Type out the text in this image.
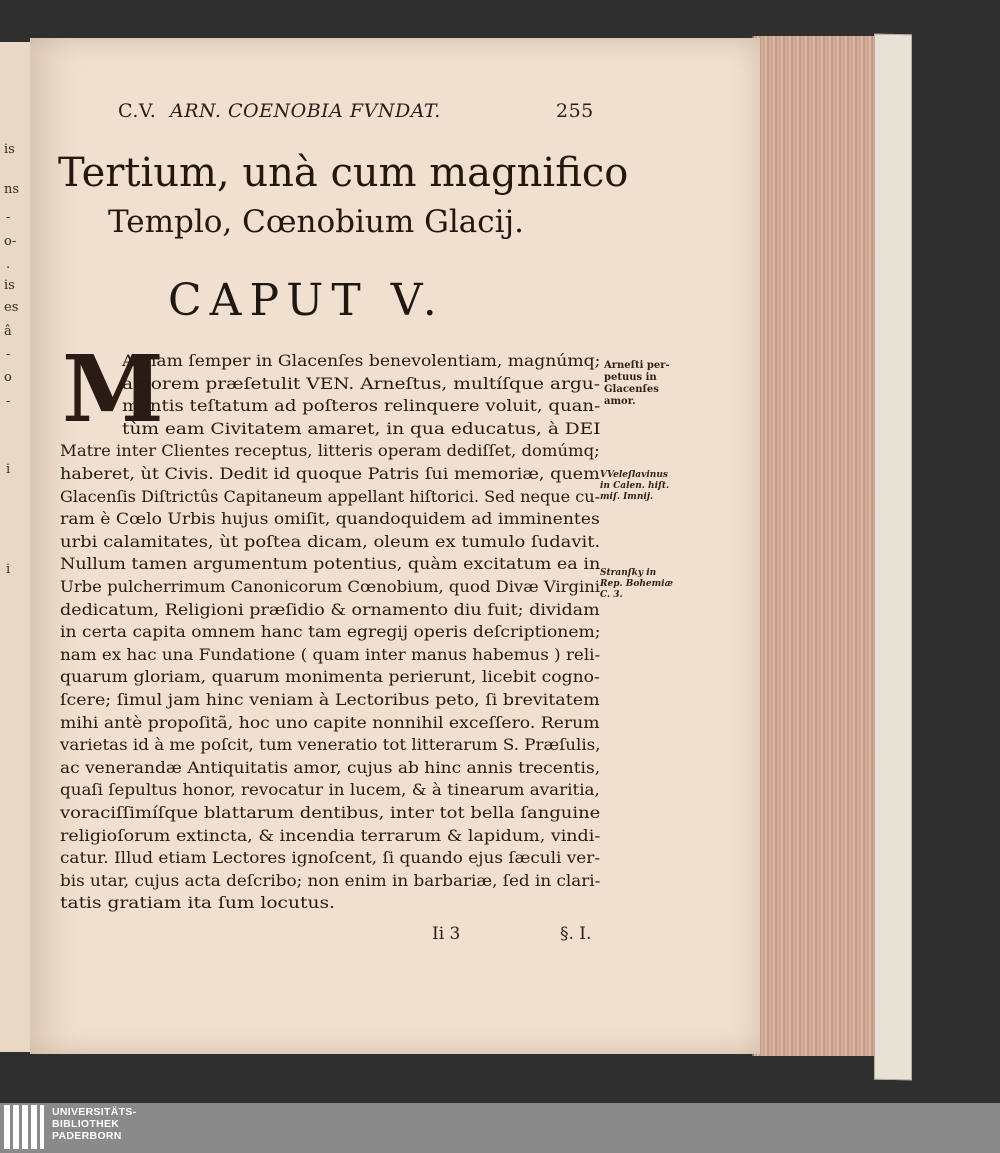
is
ns
-
o-
.
is
es
â
-
o
-
i
i
C.V. ARN. COENOBIA FVNDAT.	255
Tertium, unà cum magnifico
Templo, Cœnobium Glacij.
CAPUT V.
M
Agnam ſemper in Glacenſes benevolentiam, magnúmq;
amorem præſetulit VEN. Arneſtus, multíſque argu-
mentis teſtatum ad poſteros relinquere voluit, quan-
tùm eam Civitatem amaret, in qua educatus, à DEI
Matre inter Clientes receptus, litteris operam dediſſet, domúmq;
haberet, ùt Civis. Dedit id quoque Patris ſui memoriæ, quem
Glacenſis Diſtrictûs Capitaneum appellant hiſtorici. Sed neque cu-
ram è Cœlo Urbis hujus omiſit, quandoquidem ad imminentes
urbi calamitates, ùt poſtea dicam, oleum ex tumulo ſudavit.
Nullum tamen argumentum potentius, quàm excitatum ea in
Urbe pulcherrimum Canonicorum Cœnobium, quod Divæ Virgini
dedicatum, Religioni præſidio & ornamento diu fuit; dividam
in certa capita omnem hanc tam egregij operis deſcriptionem;
nam ex hac una Fundatione ( quam inter manus habemus ) reli-
quarum gloriam, quarum monimenta perierunt, licebit cogno-
ſcere; ſimul jam hinc veniam à Lectoribus peto, ſi brevitatem
mihi antè propoſitã, hoc uno capite nonnihil exceſſero. Rerum
varietas id à me poſcit, tum veneratio tot litterarum S. Præſulis,
ac venerandæ Antiquitatis amor, cujus ab hinc annis trecentis,
quaſi ſepultus honor, revocatur in lucem, & à tinearum avaritia,
voraciſſimíſque blattarum dentibus, inter tot bella ſanguine
religioſorum extincta, & incendia terrarum & lapidum, vindi-
catur. Illud etiam Lectores ignoſcent, ſi quando ejus ſæculi ver-
bis utar, cujus acta deſcribo; non enim in barbariæ, ſed in clari-
tatis gratiam ita ſum locutus.
Arneſti per-
petuus in
Glacenſes
amor.
VVeleſlavinus
in Calen. hiſt.
miſ. Imnij.
Stranſky in
Rep. Bohemiæ
C. 3.
Ii 3	§. I.
UNIVERSITÄTS-
BIBLIOTHEK
PADERBORN
